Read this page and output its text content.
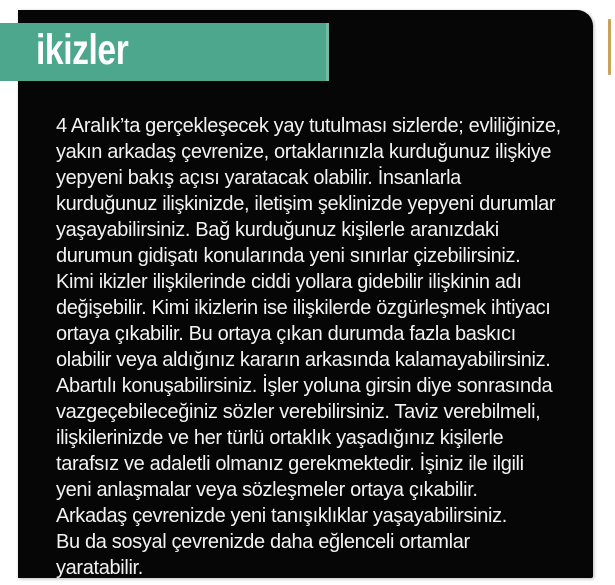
4 Aralık’ta gerçekleşecek yay tutulması sizlerde; evliliğinize,
yakın arkadaş çevrenize, ortaklarınızla kurduğunuz ilişkiye
yepyeni bakış açısı yaratacak olabilir. İnsanlarla
kurduğunuz ilişkinizde, iletişim şeklinizde yepyeni durumlar
yaşayabilirsiniz. Bağ kurduğunuz kişilerle aranızdaki
durumun gidişatı konularında yeni sınırlar çizebilirsiniz.
Kimi ikizler ilişkilerinde ciddi yollara gidebilir ilişkinin adı
değişebilir. Kimi ikizlerin ise ilişkilerde özgürleşmek ihtiyacı
ortaya çıkabilir. Bu ortaya çıkan durumda fazla baskıcı
olabilir veya aldığınız kararın arkasında kalamayabilirsiniz.
Abartılı konuşabilirsiniz. İşler yoluna girsin diye sonrasında
vazgeçebileceğiniz sözler verebilirsiniz. Taviz verebilmeli,
ilişkilerinizde ve her türlü ortaklık yaşadığınız kişilerle
tarafsız ve adaletli olmanız gerekmektedir. İşiniz ile ilgili
yeni anlaşmalar veya sözleşmeler ortaya çıkabilir.
Arkadaş çevrenizde yeni tanışıklıklar yaşayabilirsiniz.
Bu da sosyal çevrenizde daha eğlenceli ortamlar
yaratabilir.
ikizler
